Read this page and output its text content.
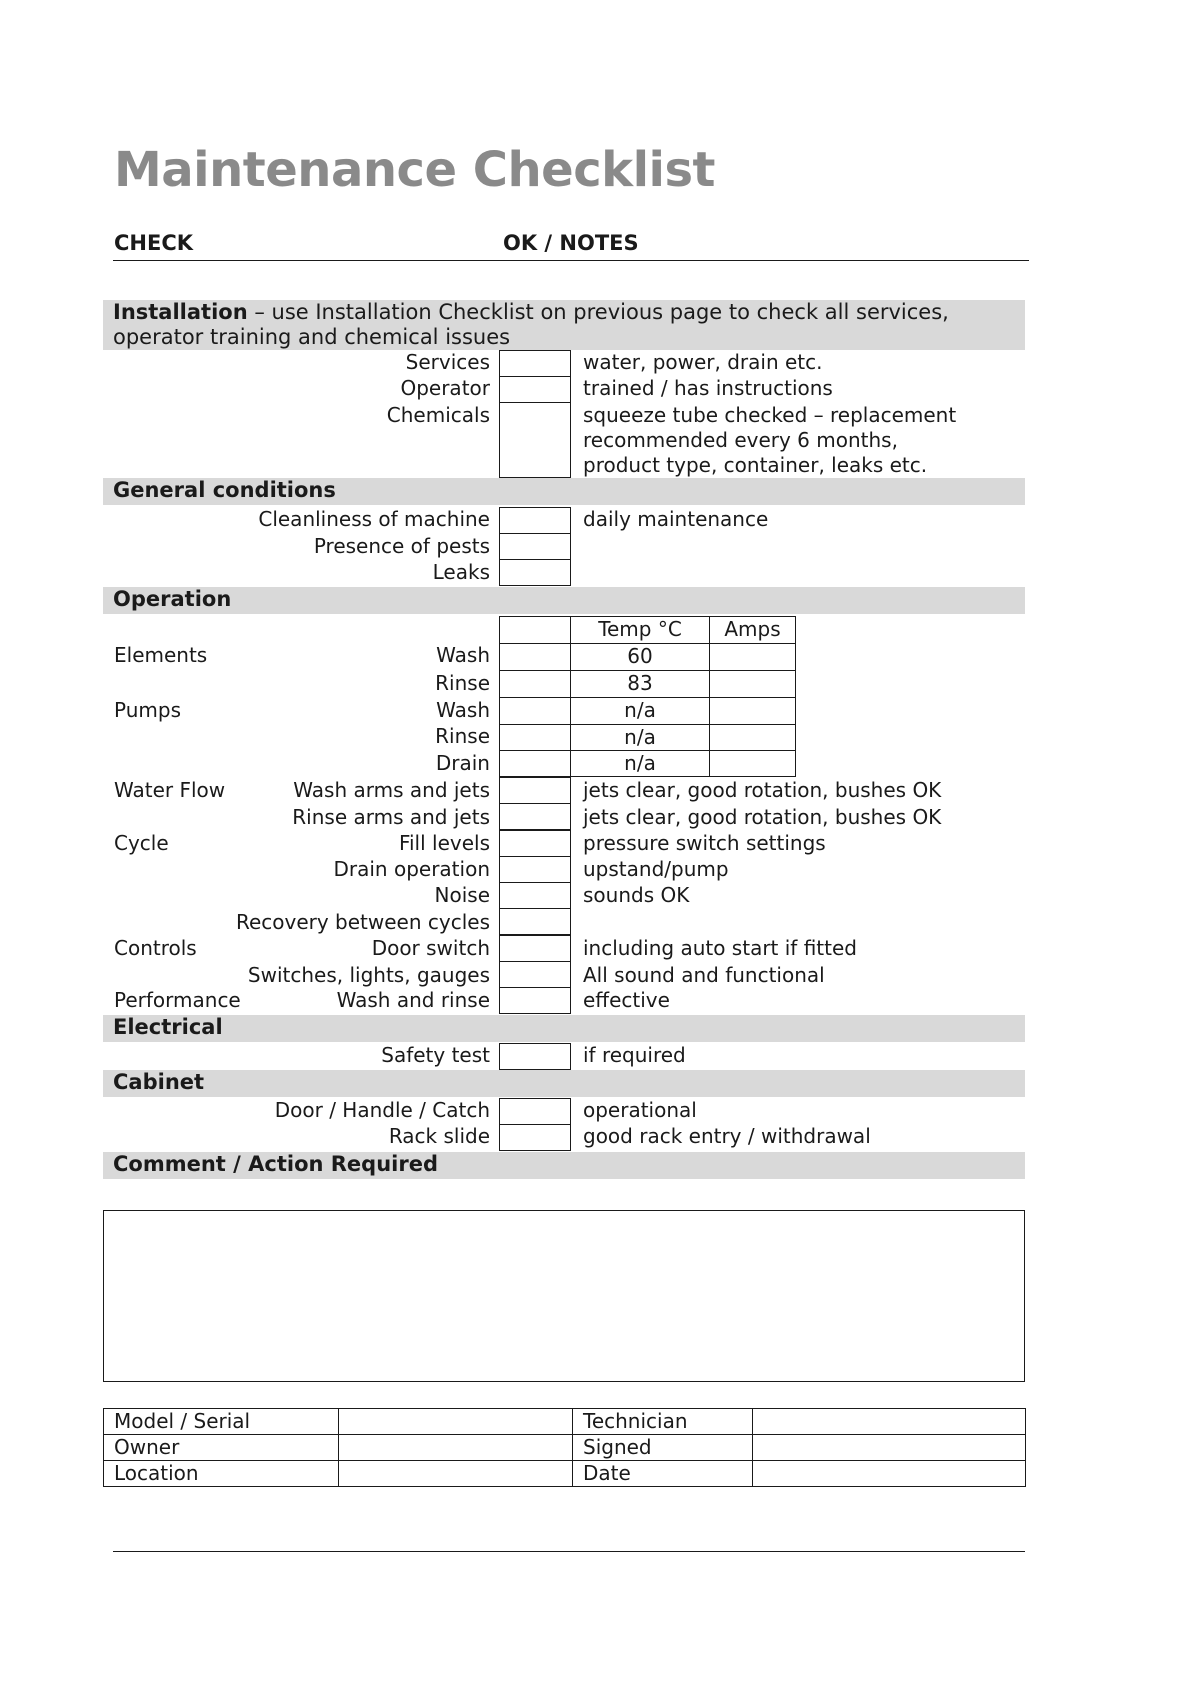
Maintenance Checklist
CHECK	OK / NOTES
Installation – use Installation Checklist on previous page to check all services,
operator training and chemical issues
Services	water, power, drain etc.
Operator	trained / has instructions
Chemicals	squeeze tube checked – replacement
recommended every 6 months,
product type, container, leaks etc.
General conditions
Cleanliness of machine	daily maintenance
Presence of pests
Leaks
Operation
Temp °C	Amps
Elements	Wash	60
Rinse	83
Pumps	Wash	n/a
Rinse	n/a
Drain	n/a
Water Flow	Wash arms and jets	jets clear, good rotation, bushes OK
Rinse arms and jets	jets clear, good rotation, bushes OK
Cycle	Fill levels	pressure switch settings
Drain operation	upstand/pump
Noise	sounds OK
Recovery between cycles
Controls	Door switch	including auto start if fitted
Switches, lights, gauges	All sound and functional
Performance	Wash and rinse	effective
Electrical
Safety test	if required
Cabinet
Door / Handle / Catch	operational
Rack slide	good rack entry / withdrawal
Comment / Action Required
Model / Serial		Technician	
Owner		Signed	
Location		Date	
